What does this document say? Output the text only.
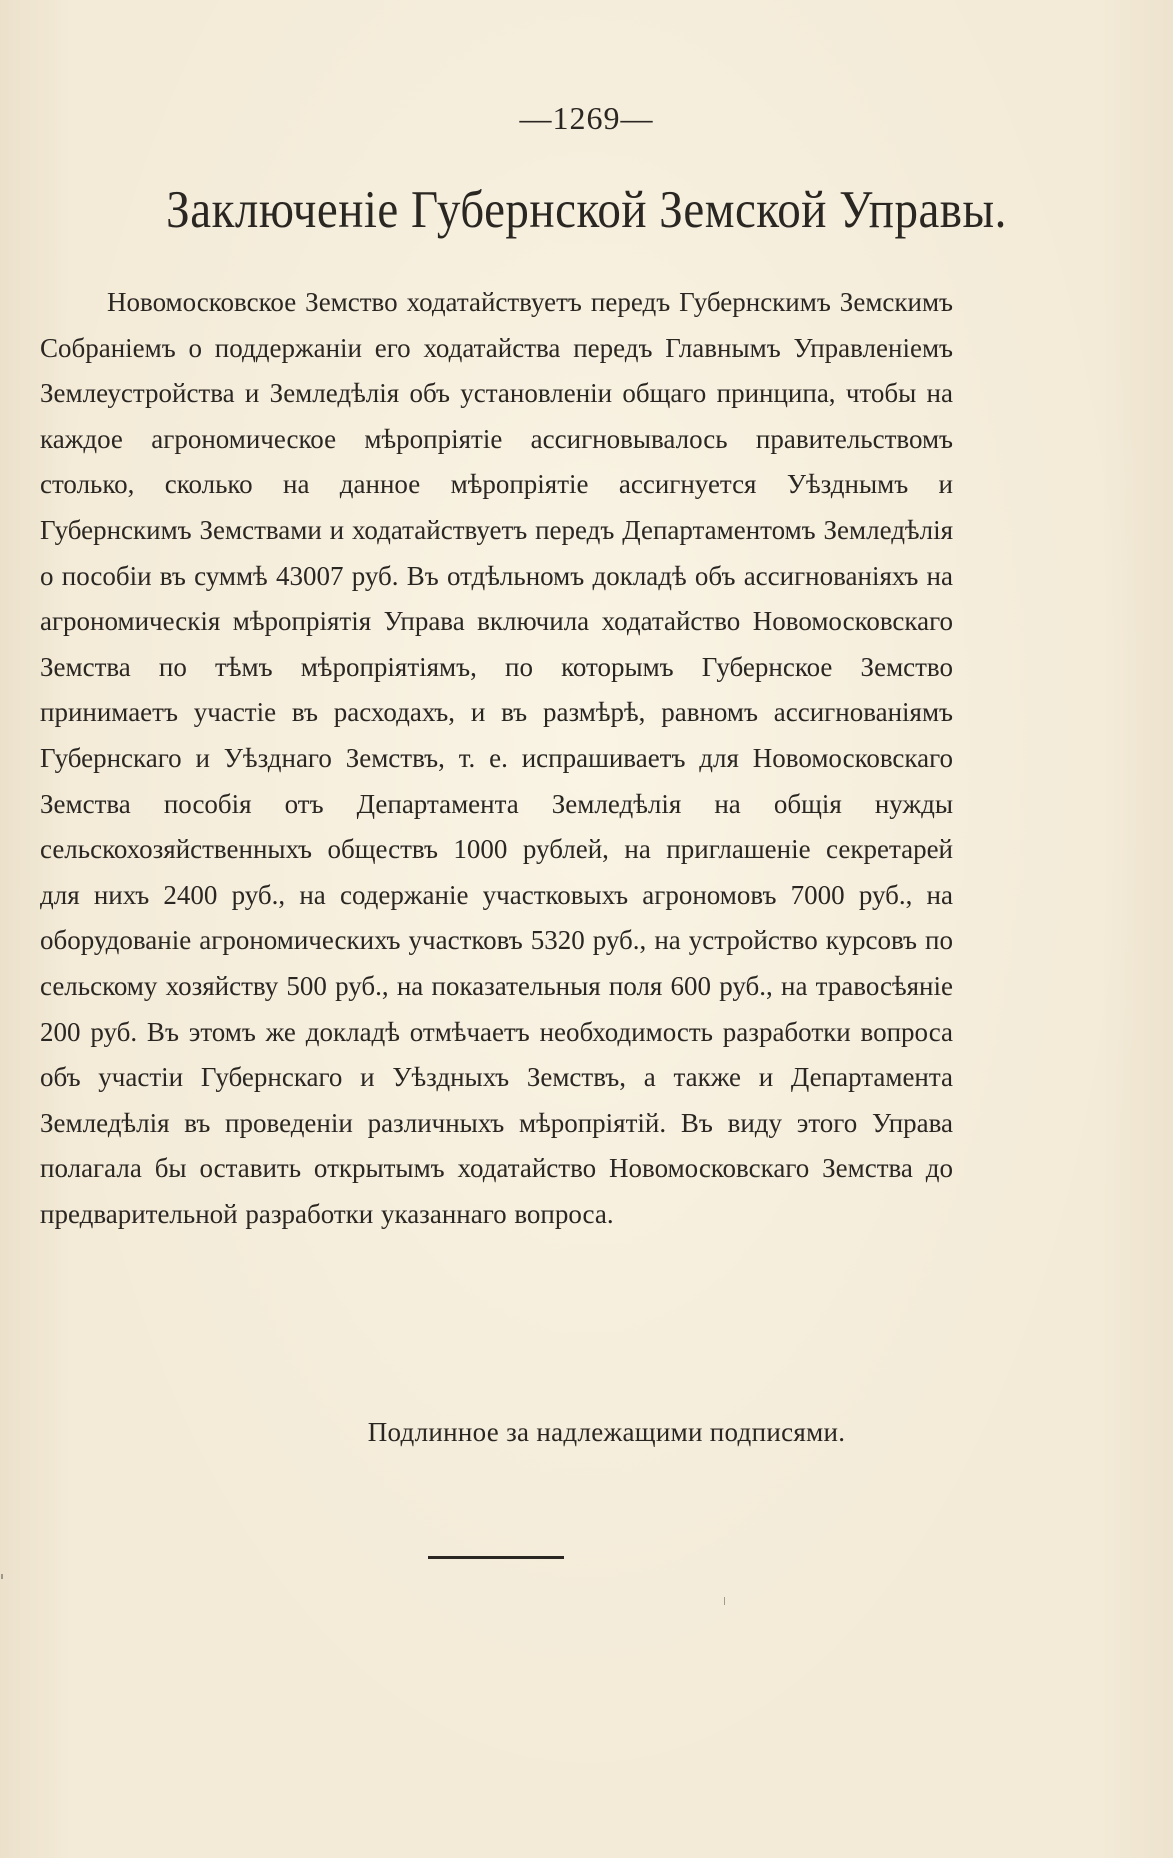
—1269—
Заключеніе Губернской Земской Управы.
Новомосковское Земство ходатайствуетъ передъ Губернскимъ Земскимъ Собраніемъ о поддержаніи его ходатайства передъ Главнымъ Управленіемъ Землеустройства и Земледѣлія объ установленіи общаго принципа, чтобы на каждое агрономическое мѣропріятіе ассигновывалось правительствомъ столько, сколько на данное мѣропріятіе ассигнуется Уѣзднымъ и Губернскимъ Земствами и ходатайствуетъ передъ Департаментомъ Земледѣлія о пособіи въ суммѣ 43007 руб. Въ отдѣльномъ докладѣ объ ассигнованіяхъ на агрономическія мѣропріятія Управа включила ходатайство Новомосковскаго Земства по тѣмъ мѣропріятіямъ, по которымъ Губернское Земство принимаетъ участіе въ расходахъ, и въ размѣрѣ, равномъ ассигнованіямъ Губернскаго и Уѣзднаго Земствъ, т. е. испрашиваетъ для Новомосковскаго Земства пособія отъ Департамента Земледѣлія на общія нужды сельскохозяйственныхъ обществъ 1000 рублей, на приглашеніе секретарей для нихъ 2400 руб., на содержаніе участковыхъ агрономовъ 7000 руб., на оборудованіе агрономическихъ участковъ 5320 руб., на устройство курсовъ по сельскому хозяйству 500 руб., на показательныя поля 600 руб., на травосѣяніе 200 руб. Въ этомъ же докладѣ отмѣчаетъ необходимость разработки вопроса объ участіи Губернскаго и Уѣздныхъ Земствъ, а также и Департамента Земледѣлія въ проведеніи различныхъ мѣропріятій. Въ виду этого Управа полагала бы оставить открытымъ ходатайство Новомосковскаго Земства до предварительной разработки указаннаго вопроса.
Подлинное за надлежащими подписями.
